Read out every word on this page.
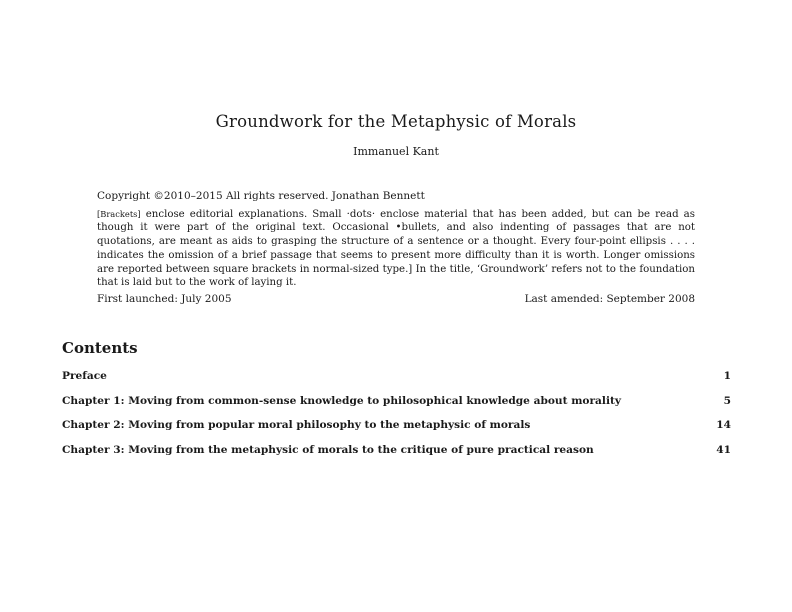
Groundwork for the Metaphysic of Morals
Immanuel Kant

Copyright ©2010–2015 All rights reserved. Jonathan Bennett

[Brackets] enclose editorial explanations. Small ·dots· enclose material that has been added, but can be read as though it were part of the original text. Occasional •bullets, and also indenting of passages that are not quotations, are meant as aids to grasping the structure of a sentence or a thought. Every four-point ellipsis . . . . indicates the omission of a brief passage that seems to present more difficulty than it is worth. Longer omissions are reported between square brackets in normal-sized type.] In the title, ‘Groundwork’ refers not to the foundation that is laid but to the work of laying it.

First launched: July 2005	Last amended: September 2008
Contents
Preface	1
Chapter 1: Moving from common-sense knowledge to philosophical knowledge about morality	5
Chapter 2: Moving from popular moral philosophy to the metaphysic of morals	14
Chapter 3: Moving from the metaphysic of morals to the critique of pure practical reason	41
